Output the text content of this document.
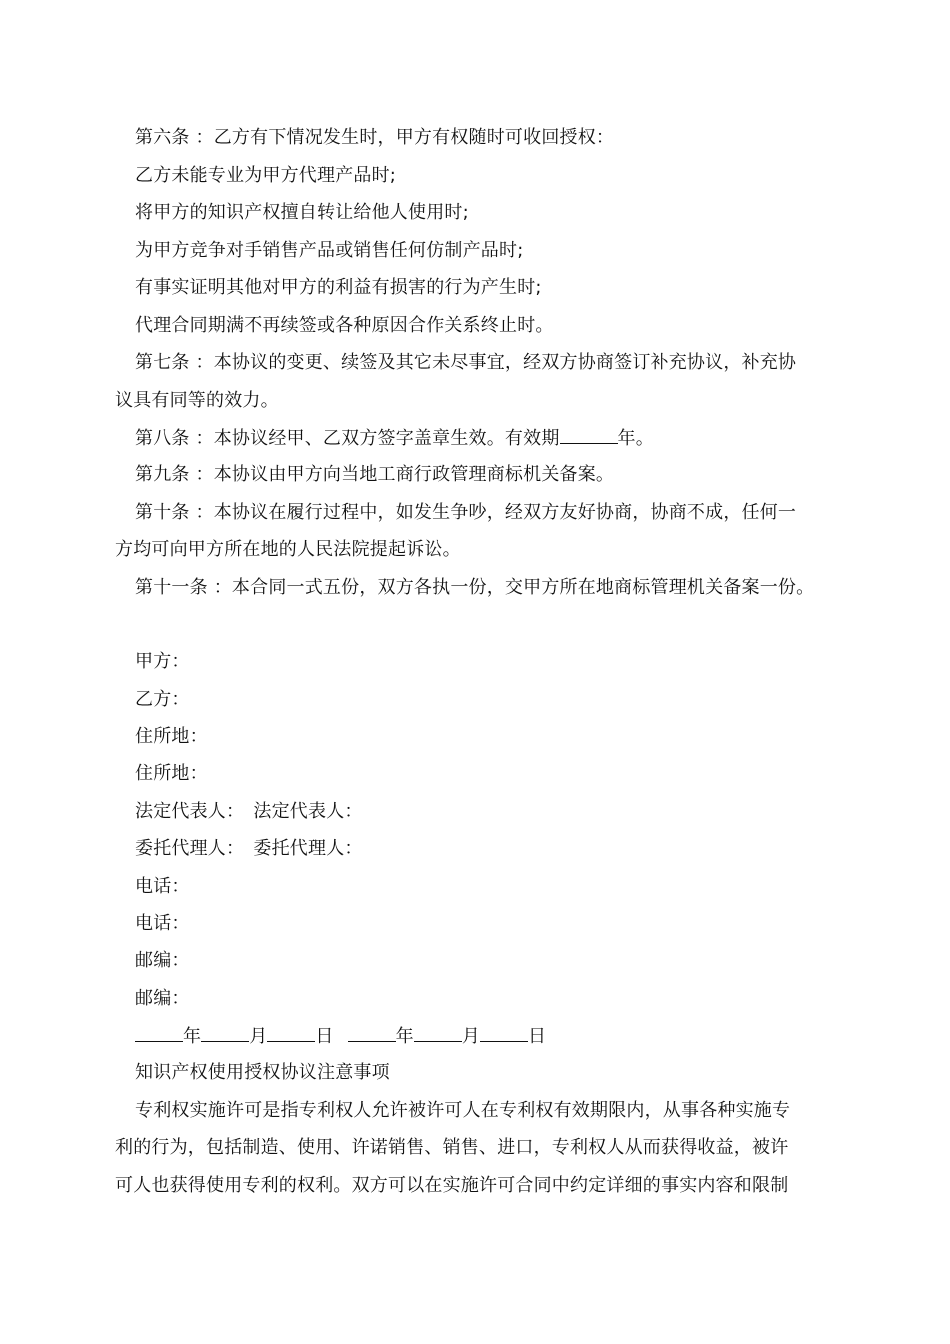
第六条 ：乙方有下情况发生时，甲方有权随时可收回授权：
乙方未能专业为甲方代理产品时;
将甲方的知识产权擅自转让给他人使用时;
为甲方竞争对手销售产品或销售任何仿制产品时;
有事实证明其他对甲方的利益有损害的行为产生时;
代理合同期满不再续签或各种原因合作关系终止时。
第七条 ：本协议的变更、续签及其它未尽事宜，经双方协商签订补充协议，补充协
议具有同等的效力。
第八条 ：本协议经甲、乙双方签字盖章生效。有效期	年。
第九条 ：本协议由甲方向当地工商行政管理商标机关备案。
第十条 ：本协议在履行过程中，如发生争吵，经双方友好协商，协商不成，任何一
方均可向甲方所在地的人民法院提起诉讼。
第十一条 ：本合同一式五份，双方各执一份，交甲方所在地商标管理机关备案一份。
甲方：
乙方：
住所地：
住所地：
法定代表人：　法定代表人：
委托代理人：　委托代理人：
电话：
电话：
邮编：
邮编：
年	月	日	年	月	日
知识产权使用授权协议注意事项
专利权实施许可是指专利权人允许被许可人在专利权有效期限内，从事各种实施专
利的行为，包括制造、使用、许诺销售、销售、进口，专利权人从而获得收益，被许
可人也获得使用专利的权利。双方可以在实施许可合同中约定详细的事实内容和限制
